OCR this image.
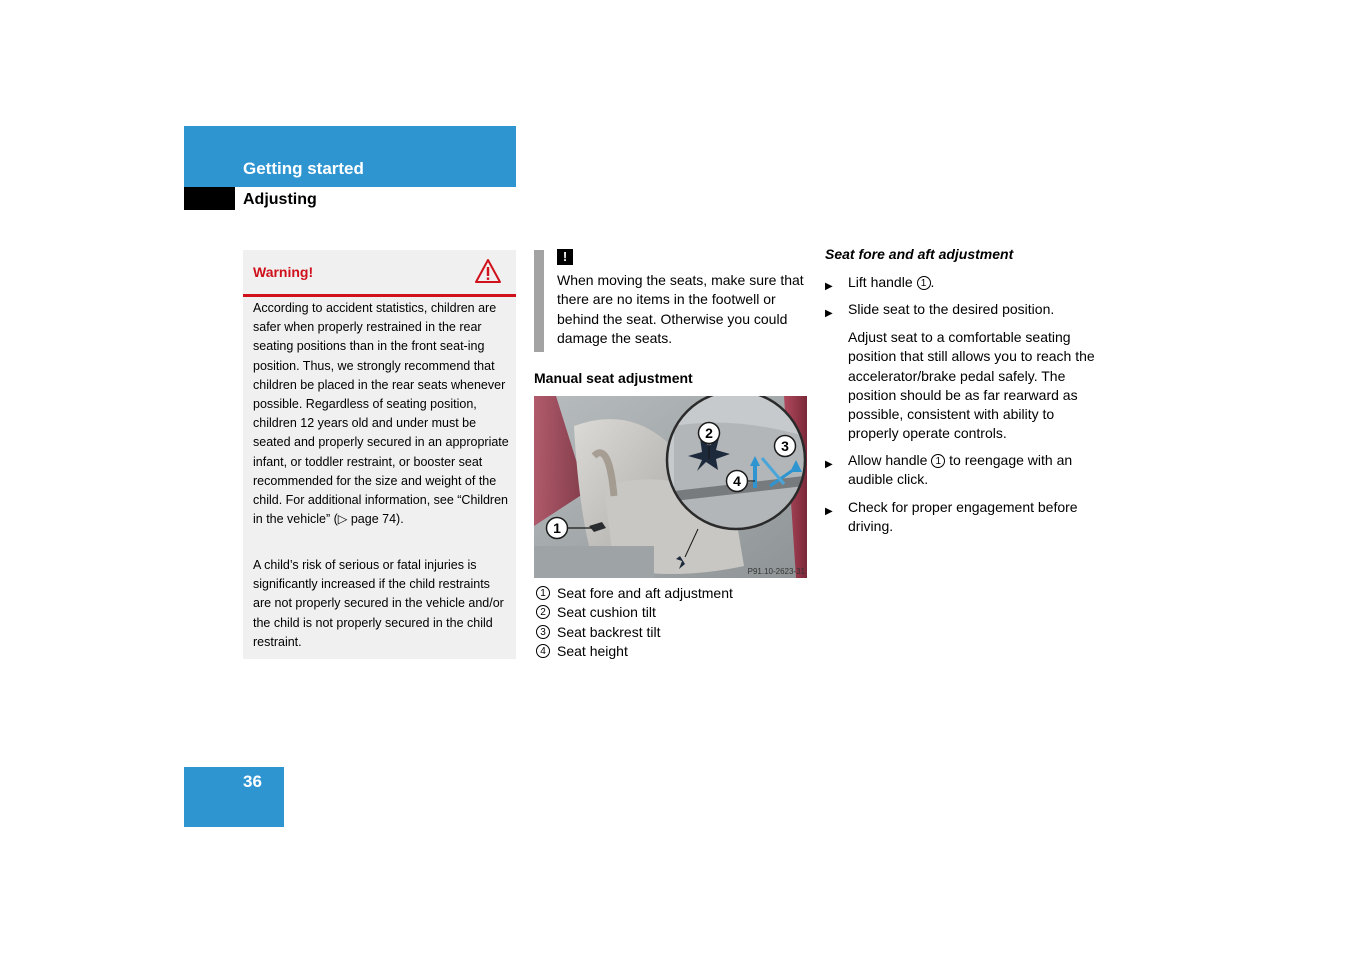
Getting started
Adjusting
Warning!
According to accident statistics, children are safer when properly restrained in the rear seating positions than in the front seat-ing position. Thus, we strongly recommend that children be placed in the rear seats whenever possible. Regardless of seating position, children 12 years old and under must be seated and properly secured in an appropriate infant, or toddler restraint, or booster seat recommended for the size and weight of the child. For additional information, see “Children in the vehicle” (▷ page 74).
A child’s risk of serious or fatal injuries is significantly increased if the child restraints are not properly secured in the vehicle and/or the child is not properly secured in the child restraint.
!
When moving the seats, make sure that there are no items in the footwell or behind the seat. Otherwise you could damage the seats.
Manual seat adjustment
1
2
3
4
P91.10-2623-31
1 Seat fore and aft adjustment
2 Seat cushion tilt
3 Seat backrest tilt
4 Seat height
Seat fore and aft adjustment
▶ Lift handle 1 .
▶ Slide seat to the desired position.
Adjust seat to a comfortable seating position that still allows you to reach the accelerator/brake pedal safely. The position should be as far rearward as possible, consistent with ability to properly operate controls.
▶ Allow handle 1 to reengage with an audible click.
▶ Check for proper engagement before driving.
36
